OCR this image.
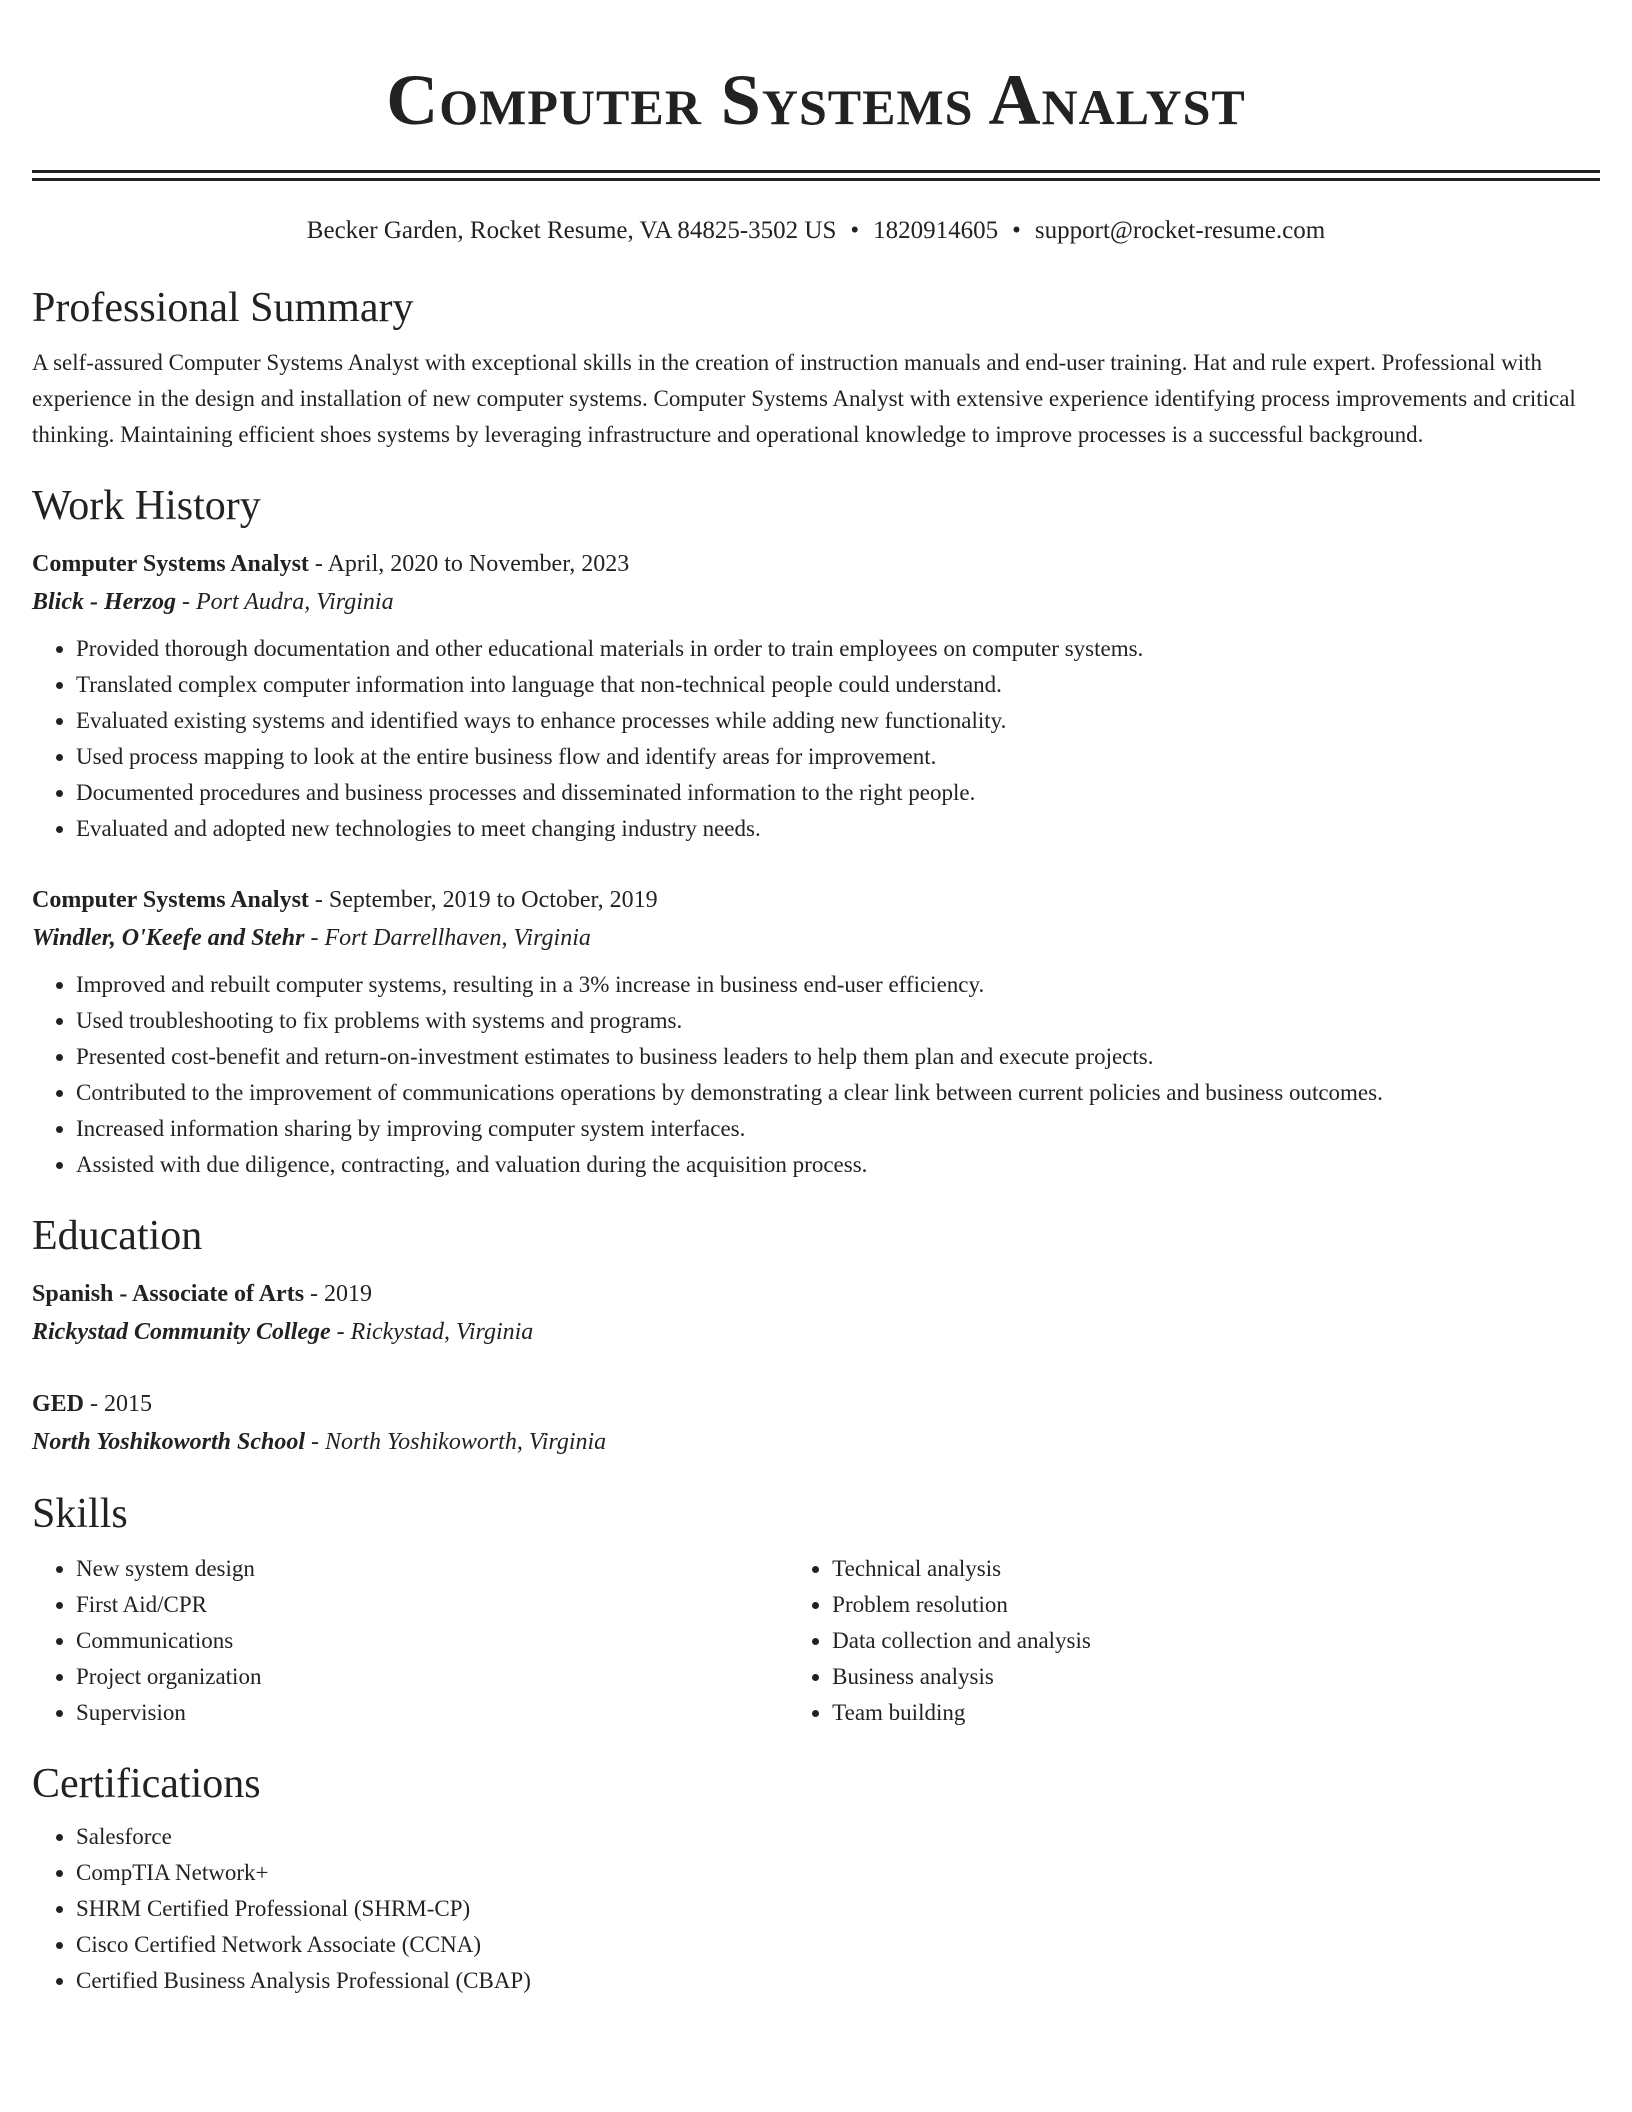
Computer Systems Analyst
Becker Garden, Rocket Resume, VA 84825-3502 US • 1820914605 • support@rocket-resume.com
Professional Summary

A self-assured Computer Systems Analyst with exceptional skills in the creation of instruction manuals and end-user training. Hat and rule expert. Professional with experience in the design and installation of new computer systems. Computer Systems Analyst with extensive experience identifying process improvements and critical thinking. Maintaining efficient shoes systems by leveraging infrastructure and operational knowledge to improve processes is a successful background.

Work History

Computer Systems Analyst - April, 2020 to November, 2023

Blick - Herzog - Port Audra, Virginia

• Provided thorough documentation and other educational materials in order to train employees on computer systems.
• Translated complex computer information into language that non-technical people could understand.
• Evaluated existing systems and identified ways to enhance processes while adding new functionality.
• Used process mapping to look at the entire business flow and identify areas for improvement.
• Documented procedures and business processes and disseminated information to the right people.
• Evaluated and adopted new technologies to meet changing industry needs.

Computer Systems Analyst - September, 2019 to October, 2019

Windler, O'Keefe and Stehr - Fort Darrellhaven, Virginia

• Improved and rebuilt computer systems, resulting in a 3% increase in business end-user efficiency.
• Used troubleshooting to fix problems with systems and programs.
• Presented cost-benefit and return-on-investment estimates to business leaders to help them plan and execute projects.
• Contributed to the improvement of communications operations by demonstrating a clear link between current policies and business outcomes.
• Increased information sharing by improving computer system interfaces.
• Assisted with due diligence, contracting, and valuation during the acquisition process.
Education

Spanish - Associate of Arts - 2019

Rickystad Community College - Rickystad, Virginia

GED - 2015

North Yoshikoworth School - North Yoshikoworth, Virginia

Skills
• New system design
• First Aid/CPR
• Communications
• Project organization
• Supervision
• Technical analysis
• Problem resolution
• Data collection and analysis
• Business analysis
• Team building
Certifications
• Salesforce
• CompTIA Network+
• SHRM Certified Professional (SHRM-CP)
• Cisco Certified Network Associate (CCNA)
• Certified Business Analysis Professional (CBAP)
